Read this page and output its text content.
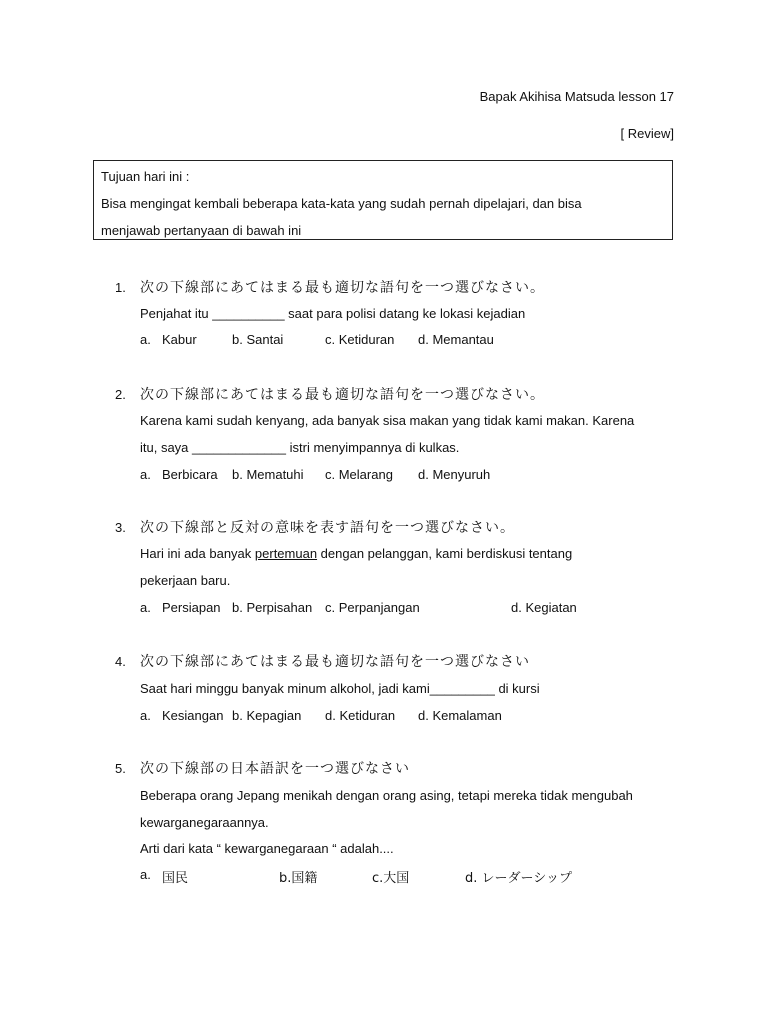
Bapak Akihisa Matsuda lesson 17
[ Review]
Tujuan hari ini :
Bisa mengingat kembali beberapa kata-kata yang sudah pernah dipelajari, dan bisa
menjawab pertanyaan di bawah ini
1. 次の下線部にあてはまる最も適切な語句を一つ選びなさい。
Penjahat itu __________ saat para polisi datang ke lokasi kejadian
a. Kabur	b. Santai	c. Ketiduran d. Memantau
2. 次の下線部にあてはまる最も適切な語句を一つ選びなさい。
Karena kami sudah kenyang, ada banyak sisa makan yang tidak kami makan. Karena
itu, saya _____________ istri menyimpannya di kulkas.
a. Berbicara b. Mematuhi c. Melarang d. Menyuruh
3. 次の下線部と反対の意味を表す語句を一つ選びなさい。
Hari ini ada banyak pertemuan dengan pelanggan, kami berdiskusi tentang
pekerjaan baru.
a. Persiapan b. Perpisahan c. Perpanjangan	d. Kegiatan
4. 次の下線部にあてはまる最も適切な語句を一つ選びなさい
Saat hari minggu banyak minum alkohol, jadi kami_________ di kursi
a. Kesiangan b. Kepagian d. Ketiduran d. Kemalaman
5. 次の下線部の日本語訳を一つ選びなさい
Beberapa orang Jepang menikah dengan orang asing, tetapi mereka tidak mengubah
kewarganegaraannya.
Arti dari kata “ kewarganegaraan “ adalah....
a. 国民	b.国籍	c.大国	d. レーダーシップ
